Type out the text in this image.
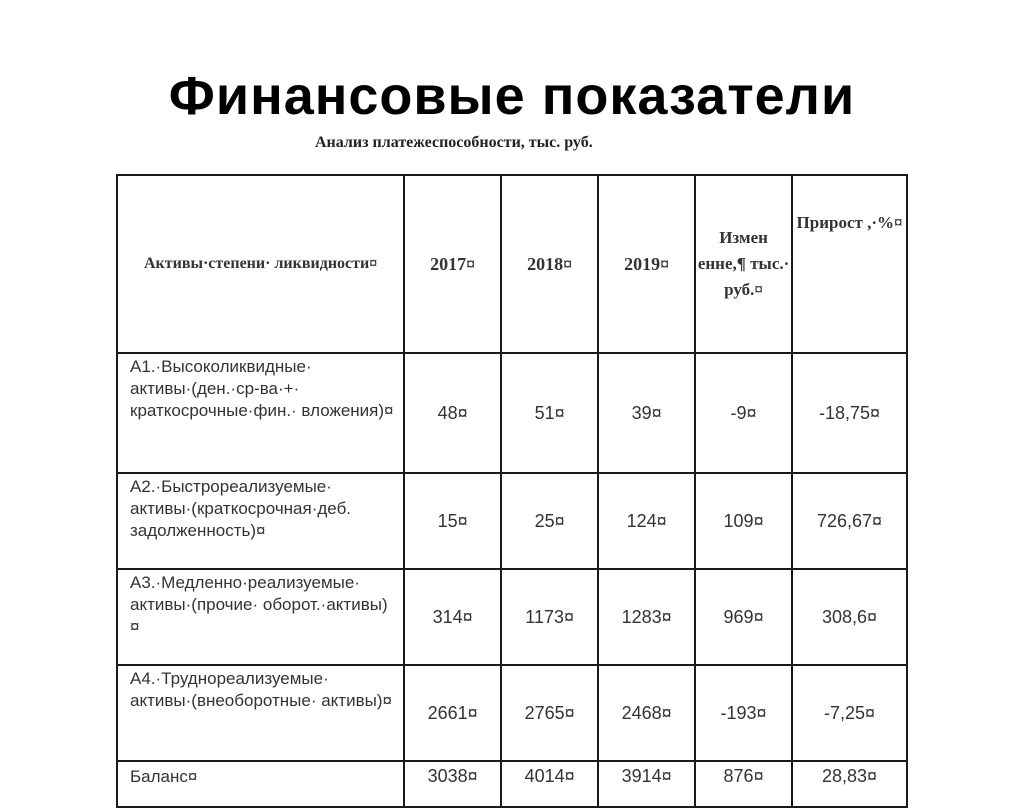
Финансовые показатели
Анализ платежеспособности, тыс. руб.
Активы·степени· ликвидности¤	2017¤	2018¤	2019¤	Измен енне,¶ тыс.· руб.¤	Прирост ,·%¤
А1.·Высоколиквидные· активы·(ден.·ср-ва·+· краткосрочные·фин.· вложения)¤	48¤	51¤	39¤	-9¤	-18,75¤
А2.·Быстрореализуемые· активы·(краткосрочная·деб. задолженность)¤	15¤	25¤	124¤	109¤	726,67¤
А3.·Медленно·реализуемые· активы·(прочие· оборот.·активы)¤	314¤	1173¤	1283¤	969¤	308,6¤
А4.·Труднореализуемые· активы·(внеоборотные· активы)¤	2661¤	2765¤	2468¤	-193¤	-7,25¤
Баланс¤	3038¤	4014¤	3914¤	876¤	28,83¤
